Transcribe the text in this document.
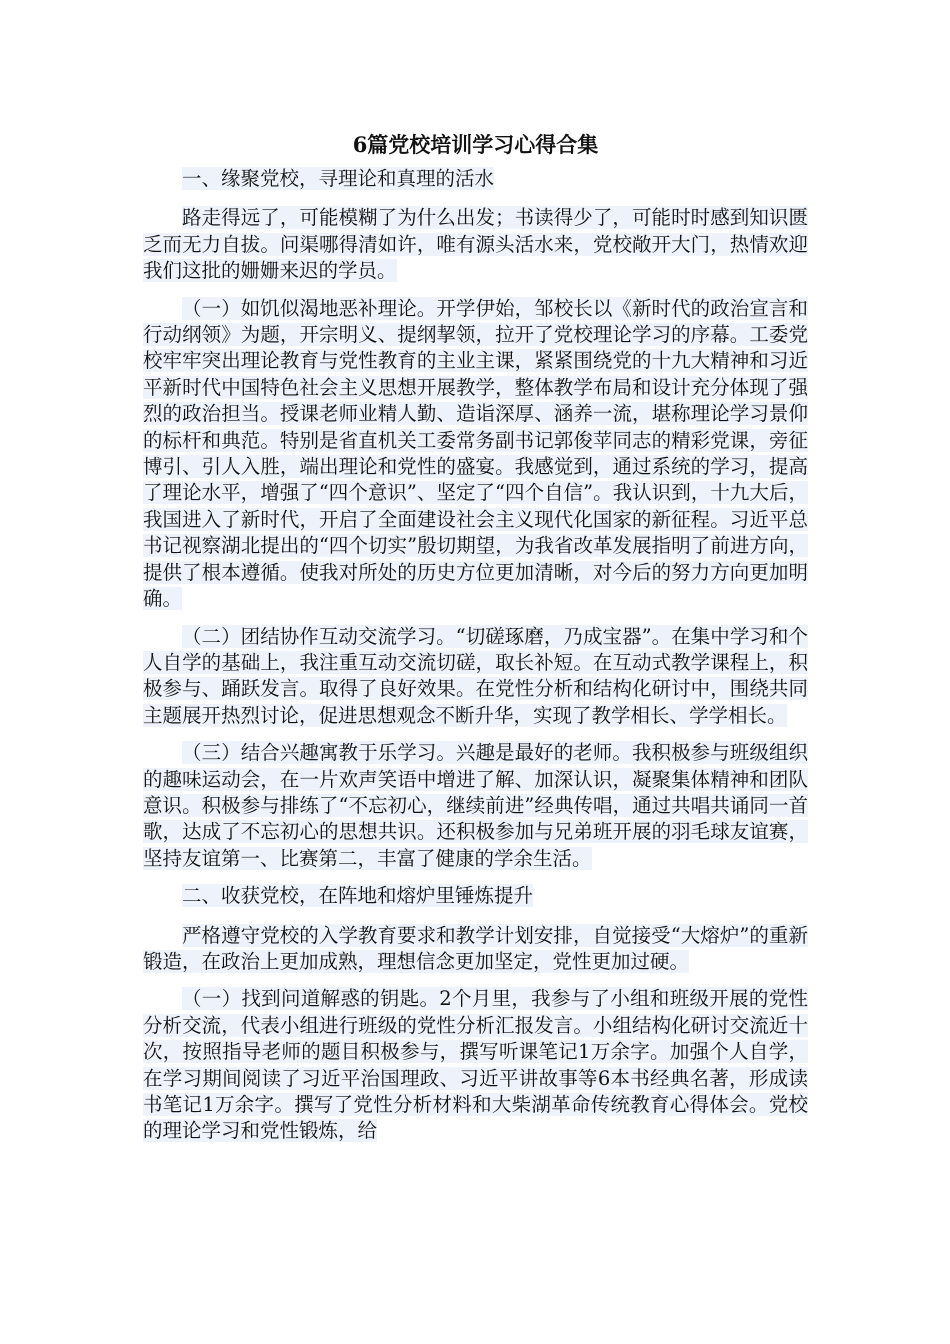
6篇党校培训学习心得合集
一、缘聚党校，寻理论和真理的活水
路走得远了，可能模糊了为什么出发；书读得少了，可能时时感到知识匮乏而无力自拔。问渠哪得清如许，唯有源头活水来，党校敞开大门，热情欢迎我们这批的姗姗来迟的学员。
（一）如饥似渴地恶补理论。开学伊始，邹校长以《新时代的政治宣言和行动纲领》为题，开宗明义、提纲挈领，拉开了党校理论学习的序幕。工委党校牢牢突出理论教育与党性教育的主业主课，紧紧围绕党的十九大精神和习近平新时代中国特色社会主义思想开展教学，整体教学布局和设计充分体现了强烈的政治担当。授课老师业精人勤、造诣深厚、涵养一流，堪称理论学习景仰的标杆和典范。特别是省直机关工委常务副书记郭俊苹同志的精彩党课，旁征博引、引人入胜，端出理论和党性的盛宴。我感觉到，通过系统的学习，提高了理论水平，增强了“四个意识”、坚定了“四个自信”。我认识到，十九大后，我国进入了新时代，开启了全面建设社会主义现代化国家的新征程。习近平总书记视察湖北提出的“四个切实”殷切期望，为我省改革发展指明了前进方向，提供了根本遵循。使我对所处的历史方位更加清晰，对今后的努力方向更加明确。
（二）团结协作互动交流学习。“切磋琢磨，乃成宝器”。在集中学习和个人自学的基础上，我注重互动交流切磋，取长补短。在互动式教学课程上，积极参与、踊跃发言。取得了良好效果。在党性分析和结构化研讨中，围绕共同主题展开热烈讨论，促进思想观念不断升华，实现了教学相长、学学相长。
（三）结合兴趣寓教于乐学习。兴趣是最好的老师。我积极参与班级组织的趣味运动会，在一片欢声笑语中增进了解、加深认识，凝聚集体精神和团队意识。积极参与排练了“不忘初心，继续前进”经典传唱，通过共唱共诵同一首歌，达成了不忘初心的思想共识。还积极参加与兄弟班开展的羽毛球友谊赛，坚持友谊第一、比赛第二，丰富了健康的学余生活。
二、收获党校，在阵地和熔炉里锤炼提升
严格遵守党校的入学教育要求和教学计划安排，自觉接受“大熔炉”的重新锻造，在政治上更加成熟，理想信念更加坚定，党性更加过硬。
（一）找到问道解惑的钥匙。2个月里，我参与了小组和班级开展的党性分析交流，代表小组进行班级的党性分析汇报发言。小组结构化研讨交流近十次，按照指导老师的题目积极参与，撰写听课笔记1万余字。加强个人自学，在学习期间阅读了习近平治国理政、习近平讲故事等6本书经典名著，形成读书笔记1万余字。撰写了党性分析材料和大柴湖革命传统教育心得体会。党校的理论学习和党性锻炼，给
